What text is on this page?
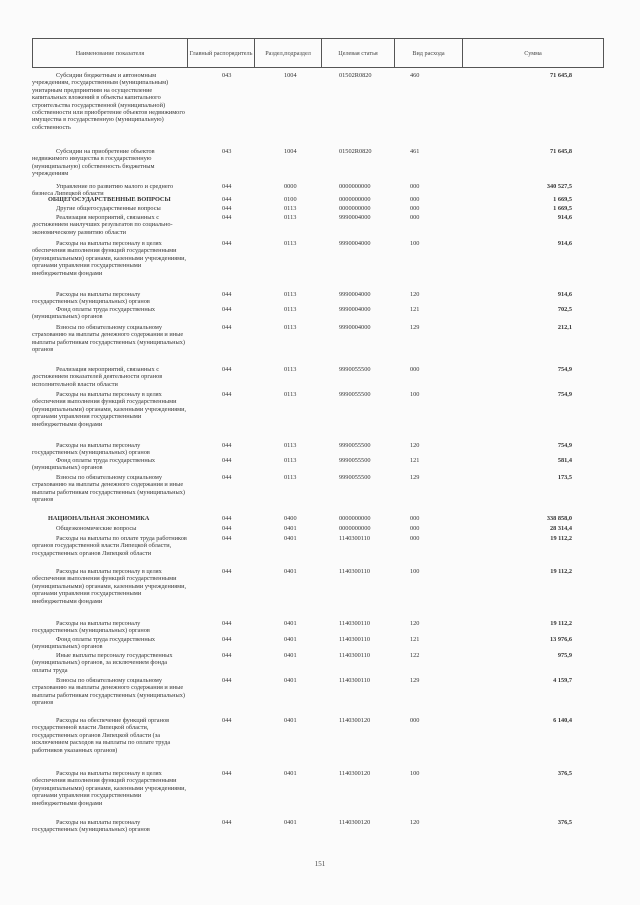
Наименование показателя	Главный распорядитель	Раздел,подраздел	Целевая статья	Вид расхода	Сумма
Субсидии бюджетным и автономным учреждениям, государственным (муниципальным) унитарным предприятиям на осуществление капитальных вложений в объекты капитального строительства государственной (муниципальной) собственности или приобретение объектов недвижимого имущества в государственную (муниципальную) собственность
043	1004	01502R0820	460	71 645,8
Субсидии на приобретение объектов недвижимого имущества в государственную (муниципальную) собственность бюджетным учреждениям
043	1004	01502R0820	461	71 645,8
Управление по развитию малого и среднего бизнеса Липецкой области
044	0000	0000000000	000	340 527,5
ОБЩЕГОСУДАРСТВЕННЫЕ ВОПРОСЫ	044	0100	0000000000	000	1 669,5
Другие общегосударственные вопросы	044	0113	0000000000	000	1 669,5
Реализация мероприятий, связанных с достижением наилучших результатов по социально-экономическому развитию области
044	0113	9990004000	000	914,6
Расходы на выплаты персоналу в целях обеспечения выполнения функций государственными (муниципальными) органами, казенными учреждениями, органами управления государственными внебюджетными фондами
044	0113	9990004000	100	914,6
Расходы на выплаты персоналу государственных (муниципальных) органов
044	0113	9990004000	120	914,6
Фонд оплаты труда государственных (муниципальных) органов
044	0113	9990004000	121	702,5
Взносы по обязательному социальному страхованию на выплаты денежного содержания и иные выплаты работникам государственных (муниципальных) органов
044	0113	9990004000	129	212,1
Реализация мероприятий, связанных с достижением показателей деятельности органов исполнительной власти области
044	0113	9990055500	000	754,9
Расходы на выплаты персоналу в целях обеспечения выполнения функций государственными (муниципальными) органами, казенными учреждениями, органами управления государственными внебюджетными фондами
044	0113	9990055500	100	754,9
Расходы на выплаты персоналу государственных (муниципальных) органов
044	0113	9990055500	120	754,9
Фонд оплаты труда государственных (муниципальных) органов
044	0113	9990055500	121	581,4
Взносы по обязательному социальному страхованию на выплаты денежного содержания и иные выплаты работникам государственных (муниципальных) органов
044	0113	9990055500	129	173,5
НАЦИОНАЛЬНАЯ ЭКОНОМИКА	044	0400	0000000000	000	338 858,0
Общеэкономические вопросы	044	0401	0000000000	000	28 314,4
Расходы на выплаты по оплате труда работников органов государственной власти Липецкой области, государственных органов Липецкой области
044	0401	1140300110	000	19 112,2
Расходы на выплаты персоналу в целях обеспечения выполнения функций государственными (муниципальными) органами, казенными учреждениями, органами управления государственными внебюджетными фондами
044	0401	1140300110	100	19 112,2
Расходы на выплаты персоналу государственных (муниципальных) органов
044	0401	1140300110	120	19 112,2
Фонд оплаты труда государственных (муниципальных) органов
044	0401	1140300110	121	13 976,6
Иные выплаты персоналу государственных (муниципальных) органов, за исключением фонда оплаты труда
044	0401	1140300110	122	975,9
Взносы по обязательному социальному страхованию на выплаты денежного содержания и иные выплаты работникам государственных (муниципальных) органов
044	0401	1140300110	129	4 159,7
Расходы на обеспечение функций органов государственной власти Липецкой области, государственных органов Липецкой области (за исключением расходов на выплаты по оплате труда работников указанных органов)
044	0401	1140300120	000	6 140,4
Расходы на выплаты персоналу в целях обеспечения выполнения функций государственными (муниципальными) органами, казенными учреждениями, органами управления государственными внебюджетными фондами
044	0401	1140300120	100	376,5
Расходы на выплаты персоналу государственных (муниципальных) органов
044	0401	1140300120	120	376,5
151
